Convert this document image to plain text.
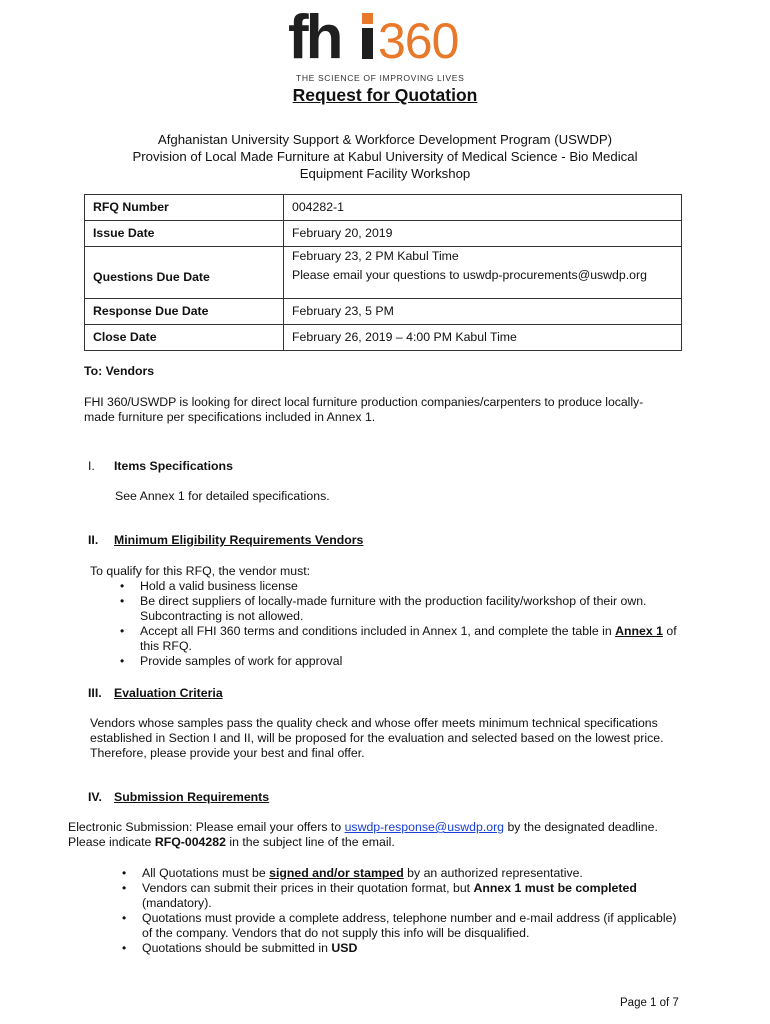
fh 360
THE SCIENCE OF IMPROVING LIVES
Request for Quotation
Afghanistan University Support & Workforce Development Program (USWDP)
Provision of Local Made Furniture at Kabul University of Medical Science - Bio Medical
Equipment Facility Workshop
RFQ Number	004282-1
Issue Date	February 20, 2019
Questions Due Date	February 23, 2 PM Kabul Time
Please email your questions to uswdp-procurements@uswdp.org

Response Due Date	February 23, 5 PM
Close Date	February 26, 2019 – 4:00 PM Kabul Time
To: Vendors
FHI 360/USWDP is looking for direct local furniture production companies/carpenters to produce locally-
made furniture per specifications included in Annex 1.
I. Items Specifications
See Annex 1 for detailed specifications.
II. Minimum Eligibility Requirements Vendors
To qualify for this RFQ, the vendor must:
• Hold a valid business license
• Be direct suppliers of locally-made furniture with the production facility/workshop of their own.
Subcontracting is not allowed.
• Accept all FHI 360 terms and conditions included in Annex 1, and complete the table in Annex 1 of
this RFQ.
• Provide samples of work for approval
III. Evaluation Criteria
Vendors whose samples pass the quality check and whose offer meets minimum technical specifications
established in Section I and II, will be proposed for the evaluation and selected based on the lowest price.
Therefore, please provide your best and final offer.
IV. Submission Requirements
Electronic Submission: Please email your offers to uswdp-response@uswdp.org by the designated deadline.
Please indicate RFQ-004282 in the subject line of the email.
• All Quotations must be signed and/or stamped by an authorized representative.
• Vendors can submit their prices in their quotation format, but Annex 1 must be completed
(mandatory).
• Quotations must provide a complete address, telephone number and e-mail address (if applicable)
of the company. Vendors that do not supply this info will be disqualified.
• Quotations should be submitted in USD
Page 1 of 7
